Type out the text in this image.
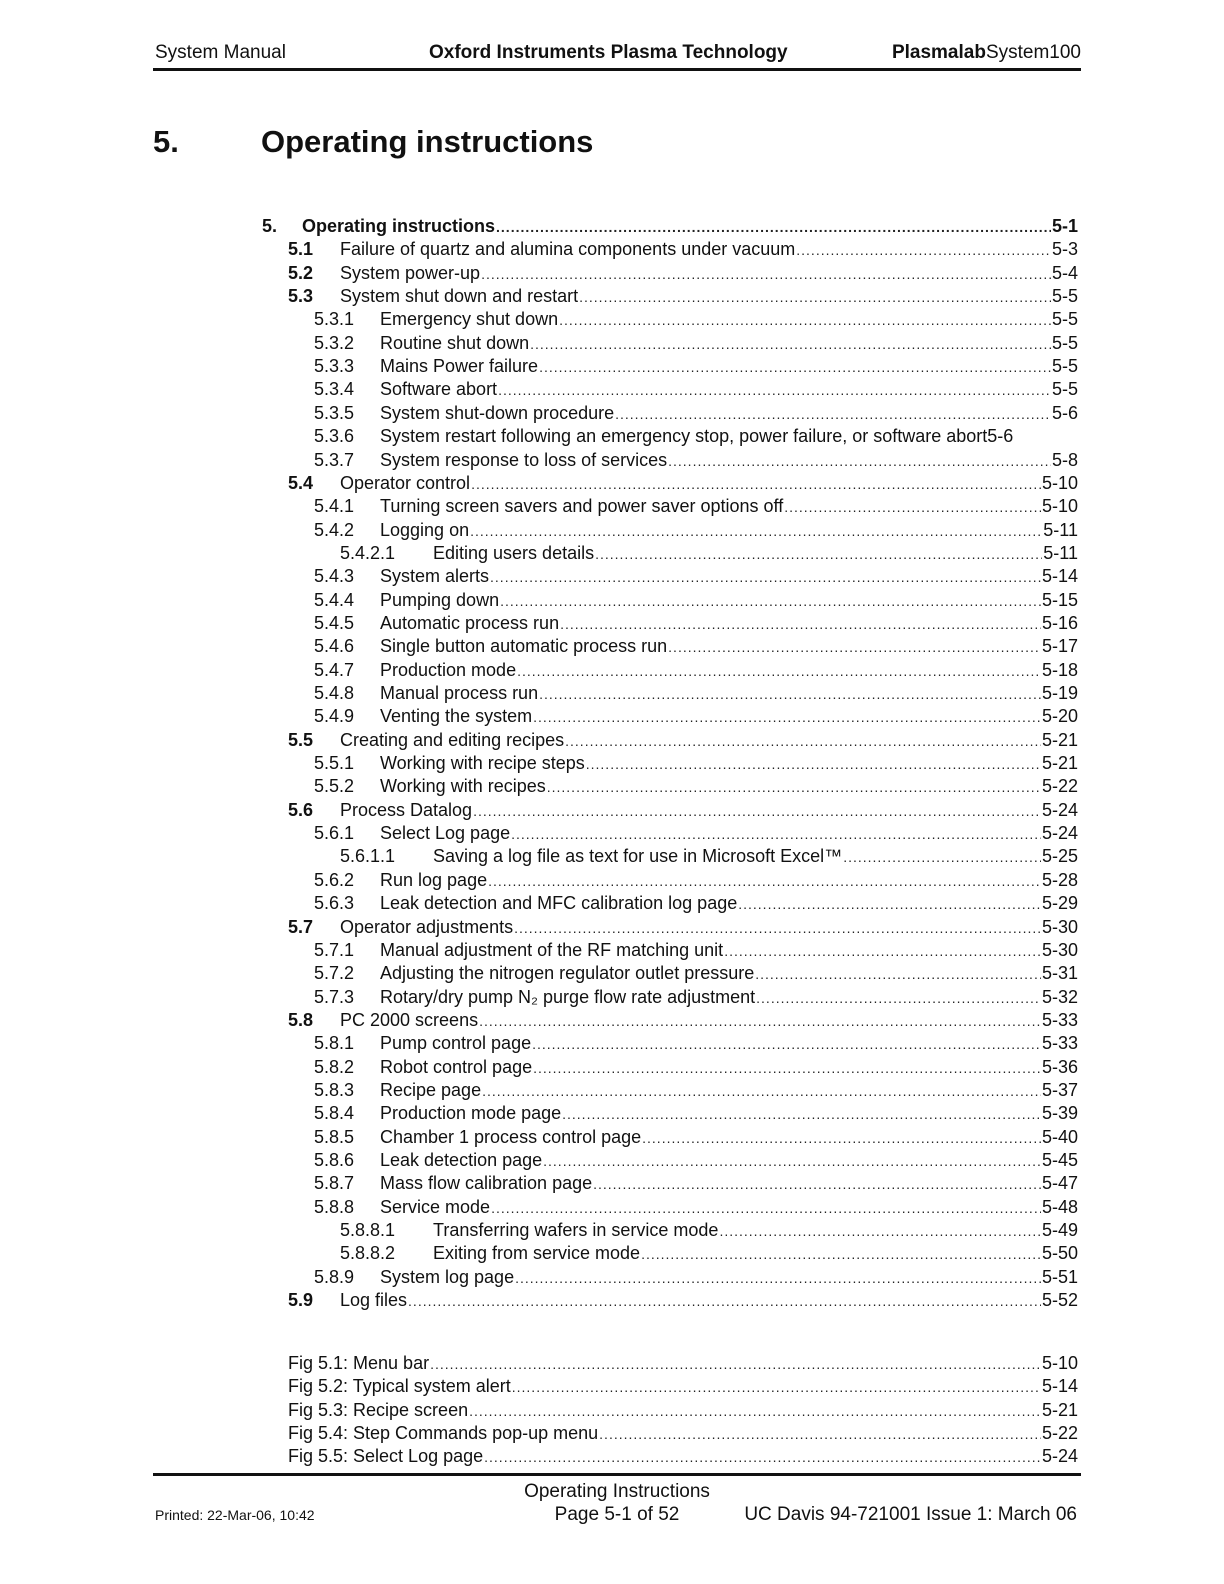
System Manual	Oxford Instruments Plasma Technology	PlasmalabSystem100
5.	Operating instructions
5.	Operating instructions .....	5-1
5.1	Failure of quartz and alumina components under vacuum .....	5-3
5.2	System power-up .....	5-4
5.3	System shut down and restart .....	5-5
5.3.1	Emergency shut down .....	5-5
5.3.2	Routine shut down .....	5-5
5.3.3	Mains Power failure .....	5-5
5.3.4	Software abort .....	5-5
5.3.5	System shut-down procedure .....	5-6
5.3.6	System restart following an emergency stop, power failure, or software abort 5-6
5.3.7	System response to loss of services .....	5-8
5.4	Operator control .....	5-10
5.4.1	Turning screen savers and power saver options off .....	5-10
5.4.2	Logging on .....	5-11
5.4.2.1	Editing users details .....	5-11
5.4.3	System alerts .....	5-14
5.4.4	Pumping down .....	5-15
5.4.5	Automatic process run .....	5-16
5.4.6	Single button automatic process run .....	5-17
5.4.7	Production mode .....	5-18
5.4.8	Manual process run .....	5-19
5.4.9	Venting the system .....	5-20
5.5	Creating and editing recipes .....	5-21
5.5.1	Working with recipe steps .....	5-21
5.5.2	Working with recipes .....	5-22
5.6	Process Datalog .....	5-24
5.6.1	Select Log page .....	5-24
5.6.1.1	Saving a log file as text for use in Microsoft Excel™ .....	5-25
5.6.2	Run log page .....	5-28
5.6.3	Leak detection and MFC calibration log page .....	5-29
5.7	Operator adjustments .....	5-30
5.7.1	Manual adjustment of the RF matching unit .....	5-30
5.7.2	Adjusting the nitrogen regulator outlet pressure .....	5-31
5.7.3	Rotary/dry pump N₂ purge flow rate adjustment .....	5-32
5.8	PC 2000 screens .....	5-33
5.8.1	Pump control page .....	5-33
5.8.2	Robot control page .....	5-36
5.8.3	Recipe page .....	5-37
5.8.4	Production mode page .....	5-39
5.8.5	Chamber 1 process control page .....	5-40
5.8.6	Leak detection page .....	5-45
5.8.7	Mass flow calibration page .....	5-47
5.8.8	Service mode .....	5-48
5.8.8.1	Transferring wafers in service mode .....	5-49
5.8.8.2	Exiting from service mode .....	5-50
5.8.9	System log page .....	5-51
5.9	Log files .....	5-52
Fig 5.1: Menu bar .....	5-10
Fig 5.2: Typical system alert .....	5-14
Fig 5.3: Recipe screen .....	5-21
Fig 5.4: Step Commands pop-up menu .....	5-22
Fig 5.5: Select Log page .....	5-24
Operating Instructions
Printed: 22-Mar-06, 10:42	Page 5-1 of 52	UC Davis 94-721001 Issue 1: March 06
